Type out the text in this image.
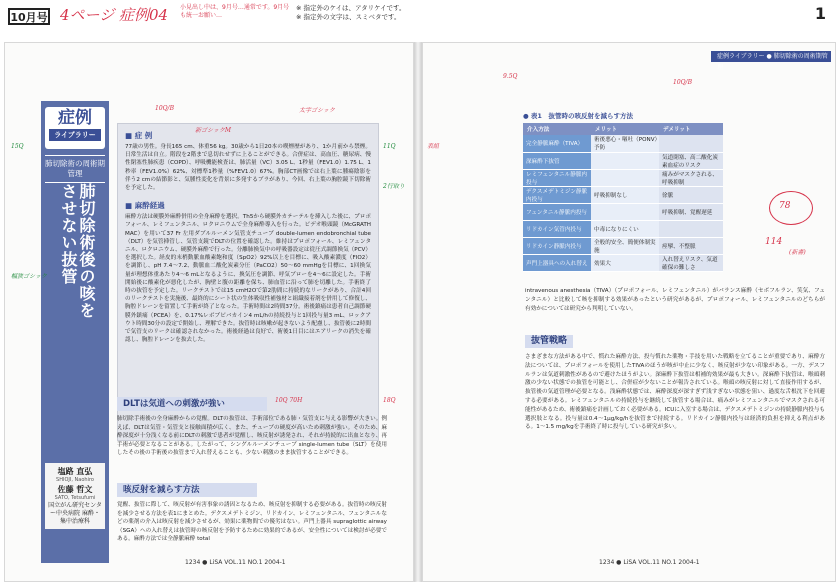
10月号 4ページ 症例04 小見出し中は、9月号…通常です。9月号も統一お願い…
※ 指定外のケイは、アタリケイです。
※ 指定外の文字は、スミベタです。	1
症例
ライブラリー
肺切除術の周術期管理
肺切除術後の咳をさせない抜管
塩路 直弘
SHIOJI, Naohiro
佐藤 哲文
SATO, Tetsufumi
国立がん研究センター中央病院 麻酔・集中治療科
■ 症 例
77歳の男性。身長165 cm、体重56 kg。30歳から1日20本の喫煙歴があり、1か月前から禁煙。日常生活は自立。階段を2階まで息切れせずに上ることができる。合併症は、高血圧、糖尿病、慢性閉塞性肺疾患（COPD）、呼吸機能検査は、肺活量（VC）3.05 L、1秒量（FEV1.0）1.75 L、1秒率（FEV1.0%）62%、対標準1秒量（%FEV1.0）67%。胸部CT画像では右上葉に腫瘍陰影を伴う2 cmの結節影と、気腫性変化を背景に多発するブラがあり、今回、右上葉の胸腔鏡下切除術を予定した。
■ 麻酔経過
麻酔方法は硬膜外麻酔併用の全身麻酔を選択。Th5から硬膜外カテーテルを挿入した後に、プロポフォール、レミフェンタニル、ロクロニウムで全身麻酔導入を行った。ビデオ喉頭鏡（McGRATH MAC）を用いて37 Fr 左用ダブルルーメン気管支チューブ double-lumen endobronchial tube（DLT）を気管挿管し、気管支鏡でDLTの位置を確認した。維持はプロポフォール、レミフェンタニル、ロクロニウム、硬膜外麻酔で行った。分離肺換気中の呼吸器設定は従圧式調節換気（PCV）を選択した。経皮的末梢動脈血酸素飽和度（SpO2）92%以上を目標に、吸入酸素濃度（FIO2）を調節し、pH 7.4〜7.2、動脈血二酸化炭素分圧（PaCO2）50〜60 mmHgを目標に、1回換気量が理想体重あたり4〜6 mLとなるように、換気圧を調節、呼気ブローを4〜6に設定した。手術開始後に酸素化が悪化したが、胸壁と腹の距離を保ち、肺血管に沿って肺を切離した。手術終了時の抜管を予定した。リークテストでは15 cmH2Oで第2肋間に持続的なリークがあり、合計4回のリークテストを実施後、最終的にシート状の生体吸収性補強材と組織接着剤を併用して修復し、胸腔ドレーンを留置して手術が終了となった。手術時間は2時間37分。術後鎮痛は患者自己調節硬膜外鎮痛（PCEA）を、0.17%レボブピバカイン4 mL/hの持続投与と1回投与量3 mL、ロックアウト時間30分の設定で開始し、理解できた。抜管時は咳嗽が起きないよう配慮し、抜管後に2時間で気管支のリークは確認されなかった。術後経過は良好で、術後1日目にはエアリークの消失を確認し、胸腔ドレーンを抜去した。
DLTは気道への刺激が強い
肺切除手術後の全身麻酔からの覚醒。DLTの抜管は、手術部位である肺・気管支に与える影響が大きい。例えば、DLTは気管・気管支と接触面積が広く、また、チューブの硬度が高いため刺激が強い。そのため、麻酔深度が十分浅くなる前にDLTの刺激で患者が覚醒し、咳反射が誘発され、それが持続的に出血となり、再手術が必要となることがある。したがって、シングルルーメンチューブ single-lumen tube（SLT）を使用したその後の手術後の抜管まで入れ替えることも、少ない刺激のまま抜管することができる。
咳反射を減らす方法
覚醒、抜管に際して、咳反射が有害事象の誘因となるため、咳反射を抑制する必要がある。抜管時の咳反射を減少させる方法を表1にまとめた。デクスメデトミジン、リドカイン、レミフェンタニル、フェンタニルなどの薬剤の介入は咳反射を減少させるが、効果に薬物間での優劣はない。声門上器具 supraglottic airway（SGA）への入れ替えは抜管時の咳反射を予防するために効果的であるが、安全性については検討が必要である。麻酔方法では全静脈麻酔 total
1234 ● LiSA VOL.11 NO.1 2004-1
10Q/B
新ゴシックM
太字ゴシック
15Q
幅狭ゴシック
11Q
2行取り
10Q 70H	18Q
症例ライブラリー ● 肺切除術の周術期管理
● 表1　抜管時の咳反射を減らす方法
介入方法	メリット	デメリット
完全静脈麻酔（TIVA）	術後悪心・嘔吐（PONV）予防	
深麻酔下抜管		気道閉塞、高二酸化炭素血症のリスク
レミフェンタニル静脈内投与		痛みがマスクされる、呼吸抑制
デクスメデトミジン静脈内投与	呼吸抑制なし	徐脈
フェンタニル静脈内投与		呼吸抑制、覚醒遅延
リドカイン気管内投与	中毒になりにくい	
リドカイン静脈内投与	全般的安全、簡便体制実施	痙攣、不整脈
声門上器具への入れ替え	効果大	入れ替えリスク、気道確保の難しさ
intravenous anesthesia（TIVA）（プロポフォール、レミフェンタニル）がバランス麻酔（セボフルラン、笑気、フェンタニル）と比較して咳を抑制する効果があったという研究があるが、プロポフォール、レミフェンタニルのどちらが有効かについては研究から判明していない。
抜管戦略
さまざまな方法がある中で、慣れた麻酔方法、投与慣れた薬物・手技を用いた戦略を立てることが重要であり、麻酔方法については、プロポフォールを使用したTIVAのほうが咳が中止に少なく、咳反射が少ない印象がある。一方、デスフルランは気道刺激性があるので避けたほうがよい。深麻酔下抜管は相補的効果が最も大きい。深麻酔下抜管は、喉頭刺激の少ない状態での抜管を可能とし、合併症が少ないことが報告されている。喉頭の咳反射に対して直接作用するが、抜管後の気道管理が必要となる。浅麻酔状態では、麻酔深度が深すぎず浅すぎない状態を狙い、過度な舌根沈下を回避する必要がある。レミフェンタニルの持続投与を継続して抜管する場合は、痛みがレミフェンタニルでマスクされる可能性があるため、術後鎮痛を計画しておく必要がある。ICUに入室する場合は、デクスメデトミジンの持続静脈内投与も選択肢となる。投与量は0.4〜1μg/kg/hを抜管まで持続する。リドカイン静脈内投与は経済的負担を抑える利点がある。1〜1.5 mg/kgを手術終了時に投与している研究が多い。
1234 ● LiSA VOL.11 NO.1 2004-1
9.5Q
10Q/B
表組
78
114
(新書)
